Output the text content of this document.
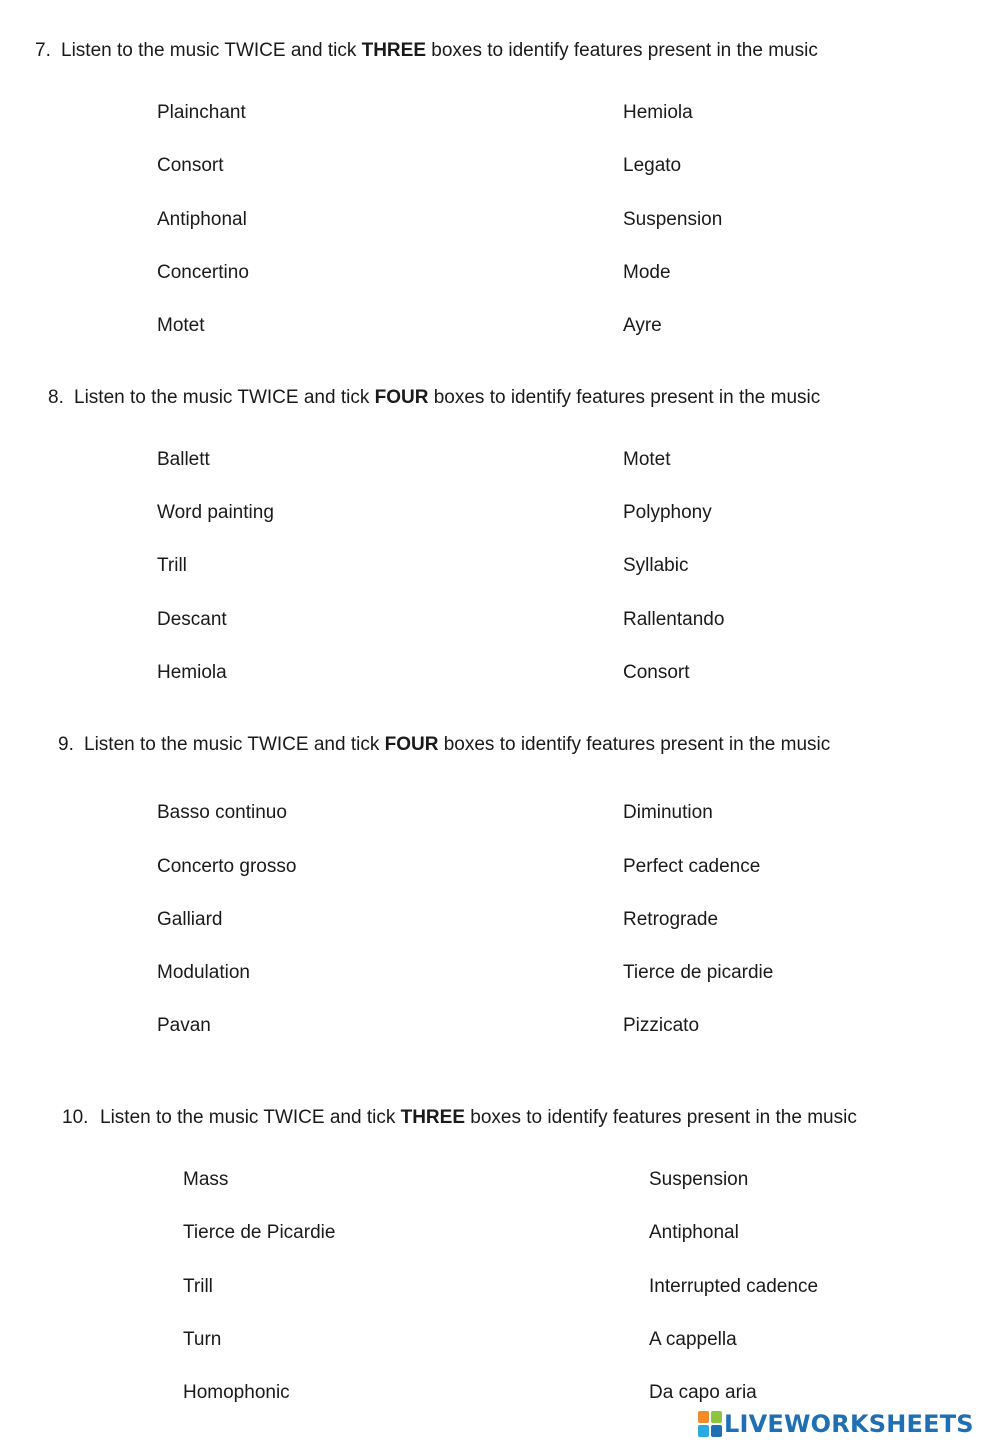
7. Listen to the music TWICE and tick THREE boxes to identify features present in the music
Plainchant
Consort
Antiphonal
Concertino
Motet
Hemiola
Legato
Suspension
Mode
Ayre
8. Listen to the music TWICE and tick FOUR boxes to identify features present in the music
Ballett
Word painting
Trill
Descant
Hemiola
Motet
Polyphony
Syllabic
Rallentando
Consort
9. Listen to the music TWICE and tick FOUR boxes to identify features present in the music
Basso continuo
Concerto grosso
Galliard
Modulation
Pavan
Diminution
Perfect cadence
Retrograde
Tierce de picardie
Pizzicato
10. Listen to the music TWICE and tick THREE boxes to identify features present in the music
Mass
Tierce de Picardie
Trill
Turn
Homophonic
Suspension
Antiphonal
Interrupted cadence
A cappella
Da capo aria
LIVEWORKSHEETS
